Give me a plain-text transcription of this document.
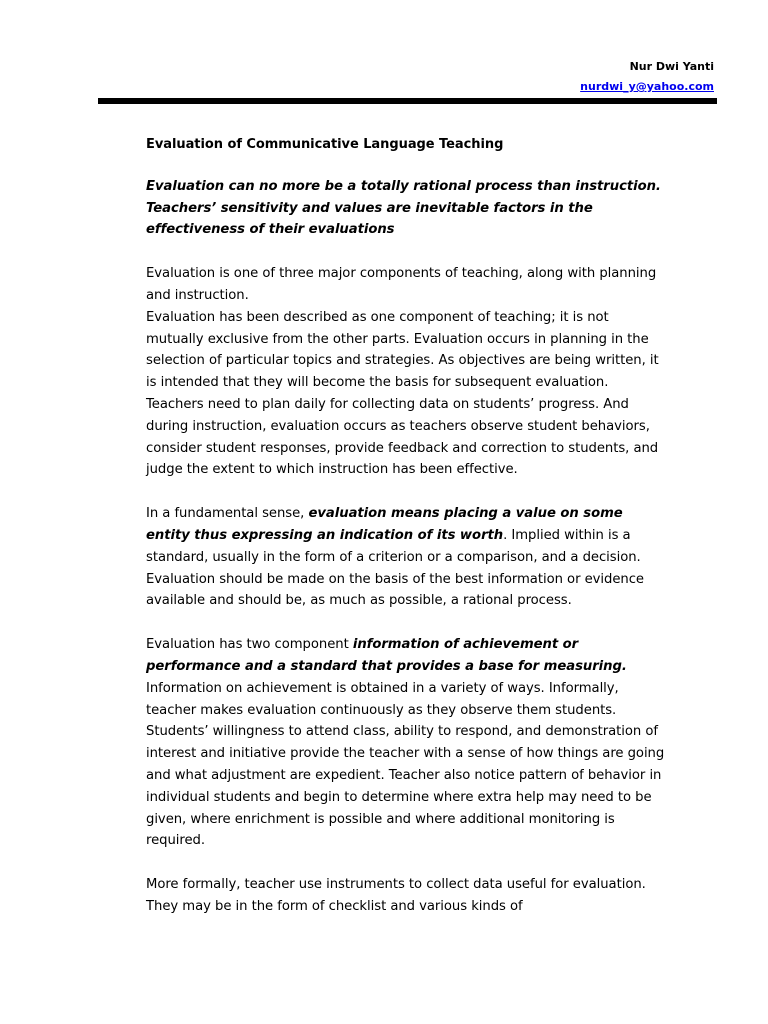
Nur Dwi Yanti
nurdwi_y@yahoo.com

Evaluation of Communicative Language Teaching

Evaluation can no more be a totally rational process than instruction. Teachers’ sensitivity and values are inevitable factors in the effectiveness of their evaluations

Evaluation is one of three major components of teaching, along with planning and instruction.

Evaluation has been described as one component of teaching; it is not mutually exclusive from the other parts. Evaluation occurs in planning in the selection of particular topics and strategies. As objectives are being written, it is intended that they will become the basis for subsequent evaluation. Teachers need to plan daily for collecting data on students’ progress. And during instruction, evaluation occurs as teachers observe student behaviors, consider student responses, provide feedback and correction to students, and judge the extent to which instruction has been effective.

In a fundamental sense, evaluation means placing a value on some entity thus expressing an indication of its worth. Implied within is a standard, usually in the form of a criterion or a comparison, and a decision. Evaluation should be made on the basis of the best information or evidence available and should be, as much as possible, a rational process.

Evaluation has two component information of achievement or performance and a standard that provides a base for measuring. Information on achievement is obtained in a variety of ways. Informally, teacher makes evaluation continuously as they observe them students. Students’ willingness to attend class, ability to respond, and demonstration of interest and initiative provide the teacher with a sense of how things are going and what adjustment are expedient. Teacher also notice pattern of behavior in individual students and begin to determine where extra help may need to be given, where enrichment is possible and where additional monitoring is required.

More formally, teacher use instruments to collect data useful for evaluation. They may be in the form of checklist and various kinds of
